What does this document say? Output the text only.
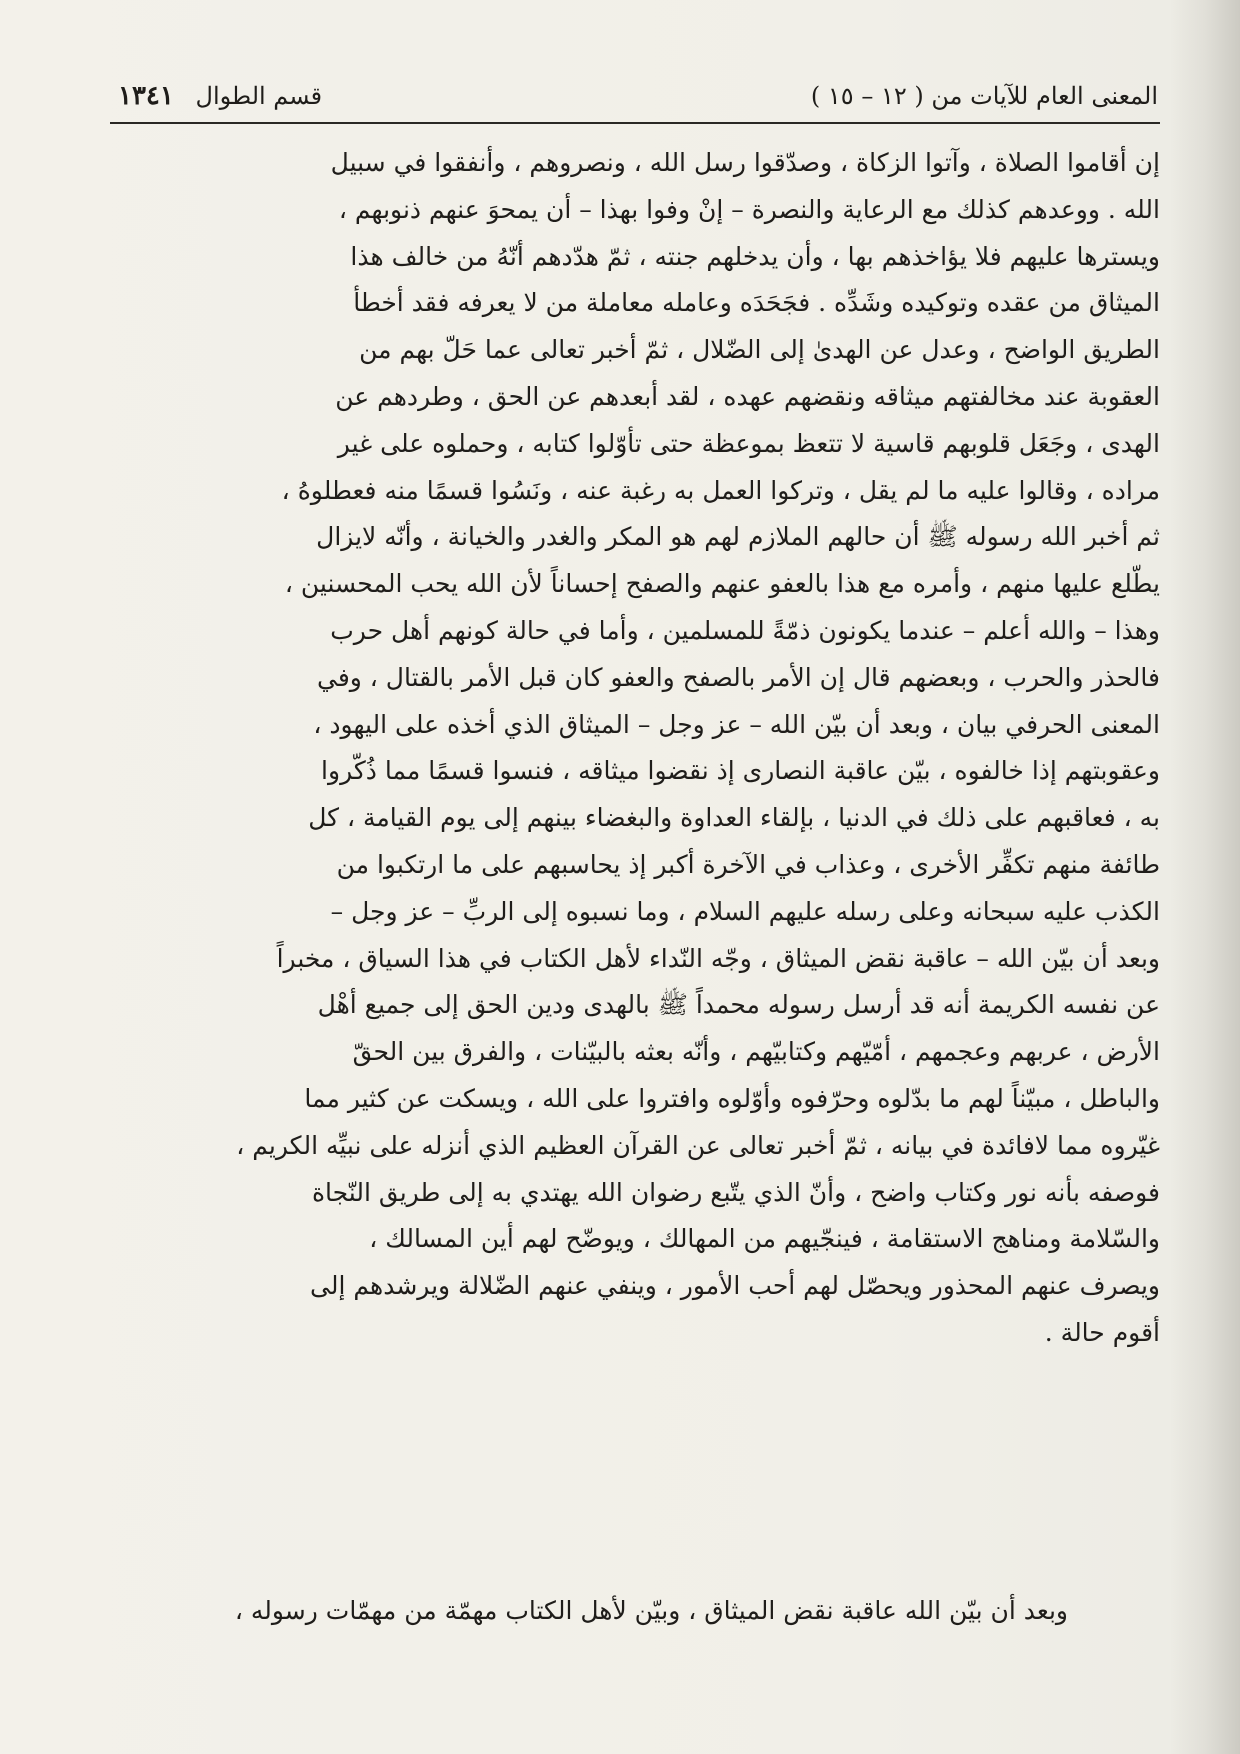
المعنى العام للآيات من ( ١٢ – ١٥ )
قسم الطوال ١٣٤١
إن أقاموا الصلاة ، وآتوا الزكاة ، وصدّقوا رسل الله ، ونصروهم ، وأنفقوا في سبيل
الله . ووعدهم كذلك مع الرعاية والنصرة – إنْ وفوا بهذا – أن يمحوَ عنهم ذنوبهم ،
ويسترها عليهم فلا يؤاخذهم بها ، وأن يدخلهم جنته ، ثمّ هدّدهم أنّهُ من خالف هذا
الميثاق من عقده وتوكيده وشَدِّه . فجَحَدَه وعامله معاملة من لا يعرفه فقد أخطأ
الطريق الواضح ، وعدل عن الهدىٰ إلى الضّلال ، ثمّ أخبر تعالى عما حَلّ بهم من
العقوبة عند مخالفتهم ميثاقه ونقضهم عهده ، لقد أبعدهم عن الحق ، وطردهم عن
الهدى ، وجَعَل قلوبهم قاسية لا تتعظ بموعظة حتى تأوّلوا كتابه ، وحملوه على غير
مراده ، وقالوا عليه ما لم يقل ، وتركوا العمل به رغبة عنه ، ونَسُوا قسمًا منه فعطلوهُ ،
ثم أخبر الله رسوله ﷺ أن حالهم الملازم لهم هو المكر والغدر والخيانة ، وأنّه لايزال
يطّلع عليها منهم ، وأمره مع هذا بالعفو عنهم والصفح إحساناً لأن الله يحب المحسنين ،
وهذا – والله أعلم – عندما يكونون ذمّةً للمسلمين ، وأما في حالة كونهم أهل حرب
فالحذر والحرب ، وبعضهم قال إن الأمر بالصفح والعفو كان قبل الأمر بالقتال ، وفي
المعنى الحرفي بيان ، وبعد أن بيّن الله – عز وجل – الميثاق الذي أخذه على اليهود ،
وعقوبتهم إذا خالفوه ، بيّن عاقبة النصارى إذ نقضوا ميثاقه ، فنسوا قسمًا مما ذُكّروا
به ، فعاقبهم على ذلك في الدنيا ، بإلقاء العداوة والبغضاء بينهم إلى يوم القيامة ، كل
طائفة منهم تكفِّر الأخرى ، وعذاب في الآخرة أكبر إذ يحاسبهم على ما ارتكبوا من
الكذب عليه سبحانه وعلى رسله عليهم السلام ، وما نسبوه إلى الربِّ – عز وجل –
وبعد أن بيّن الله – عاقبة نقض الميثاق ، وجّه النّداء لأهل الكتاب في هذا السياق ، مخبراً
عن نفسه الكريمة أنه قد أرسل رسوله محمداً ﷺ بالهدى ودين الحق إلى جميع أهْل
الأرض ، عربهم وعجمهم ، أمّيّهم وكتابيّهم ، وأنّه بعثه بالبيّنات ، والفرق بين الحقّ
والباطل ، مبيّناً لهم ما بدّلوه وحرّفوه وأوّلوه وافتروا على الله ، ويسكت عن كثير مما
غيّروه مما لافائدة في بيانه ، ثمّ أخبر تعالى عن القرآن العظيم الذي أنزله على نبيِّه الكريم ،
فوصفه بأنه نور وكتاب واضح ، وأنّ الذي يتّبع رضوان الله يهتدي به إلى طريق النّجاة
والسّلامة ومناهج الاستقامة ، فينجّيهم من المهالك ، ويوضّح لهم أين المسالك ،
ويصرف عنهم المحذور ويحصّل لهم أحب الأمور ، وينفي عنهم الضّلالة ويرشدهم إلى
أقوم حالة .
وبعد أن بيّن الله عاقبة نقض الميثاق ، وبيّن لأهل الكتاب مهمّة من مهمّات رسوله ،
